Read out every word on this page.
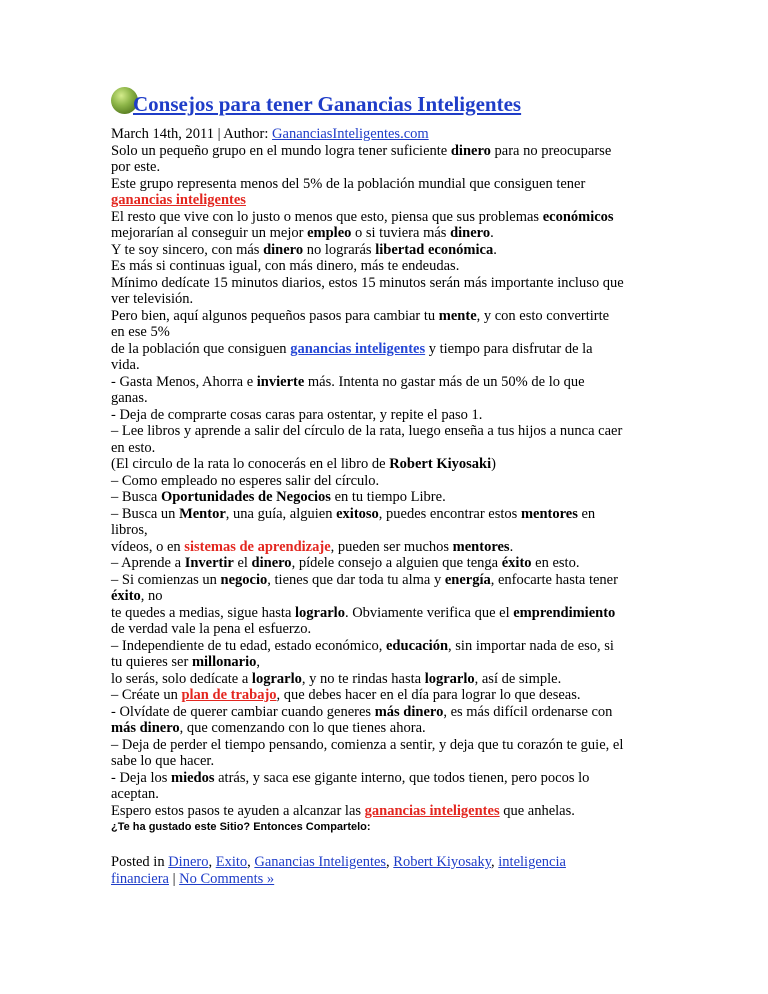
Consejos para tener Ganancias Inteligentes
March 14th, 2011 | Author: GananciasInteligentes.com
Solo un pequeño grupo en el mundo logra tener suficiente dinero para no preocuparse
por este.
Este grupo representa menos del 5% de la población mundial que consiguen tener
ganancias inteligentes
El resto que vive con lo justo o menos que esto, piensa que sus problemas económicos
mejorarían al conseguir un mejor empleo o si tuviera más dinero.
Y te soy sincero, con más dinero no lograrás libertad económica.
Es más si continuas igual, con más dinero, más te endeudas.
Mínimo dedícate 15 minutos diarios, estos 15 minutos serán más importante incluso que
ver televisión.
Pero bien, aquí algunos pequeños pasos para cambiar tu mente, y con esto convertirte
en ese 5%
de la población que consiguen ganancias inteligentes y tiempo para disfrutar de la
vida.
- Gasta Menos, Ahorra e invierte más. Intenta no gastar más de un 50% de lo que
ganas.
- Deja de comprarte cosas caras para ostentar, y repite el paso 1.
– Lee libros y aprende a salir del círculo de la rata, luego enseña a tus hijos a nunca caer
en esto.
(El circulo de la rata lo conocerás en el libro de Robert Kiyosaki)
– Como empleado no esperes salir del círculo.
– Busca Oportunidades de Negocios en tu tiempo Libre.
– Busca un Mentor, una guía, alguien exitoso, puedes encontrar estos mentores en
libros,
vídeos, o en sistemas de aprendizaje, pueden ser muchos mentores.
– Aprende a Invertir el dinero, pídele consejo a alguien que tenga éxito en esto.
– Si comienzas un negocio, tienes que dar toda tu alma y energía, enfocarte hasta tener
éxito, no
te quedes a medias, sigue hasta lograrlo. Obviamente verifica que el emprendimiento
de verdad vale la pena el esfuerzo.
– Independiente de tu edad, estado económico, educación, sin importar nada de eso, si
tu quieres ser millonario,
lo serás, solo dedícate a lograrlo, y no te rindas hasta lograrlo, así de simple.
– Créate un plan de trabajo, que debes hacer en el día para lograr lo que deseas.
- Olvídate de querer cambiar cuando generes más dinero, es más difícil ordenarse con
más dinero, que comenzando con lo que tienes ahora.
– Deja de perder el tiempo pensando, comienza a sentir, y deja que tu corazón te guie, el
sabe lo que hacer.
- Deja los miedos atrás, y saca ese gigante interno, que todos tienen, pero pocos lo
aceptan.
Espero estos pasos te ayuden a alcanzar las ganancias inteligentes que anhelas.
¿Te ha gustado este Sitio? Entonces Compartelo:
Posted in Dinero, Exito, Ganancias Inteligentes, Robert Kiyosaky, inteligencia
financiera | No Comments »
